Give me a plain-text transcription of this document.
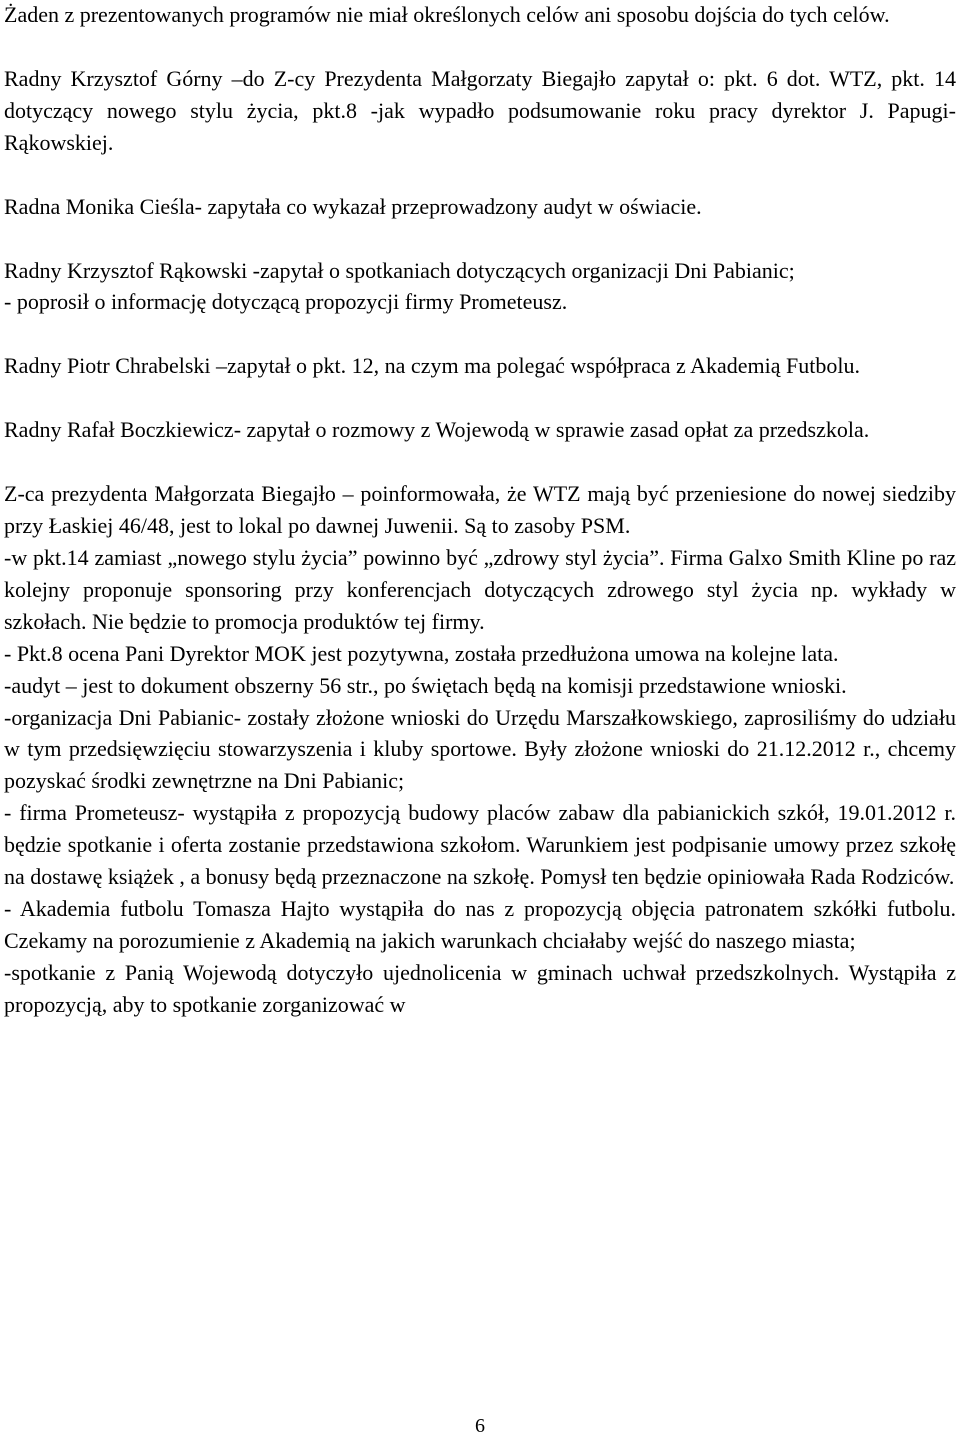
Żaden z prezentowanych programów nie miał określonych celów ani sposobu dojścia do tych celów.

Radny Krzysztof Górny –do Z-cy Prezydenta Małgorzaty Biegajło zapytał o: pkt. 6 dot. WTZ, pkt. 14 dotyczący nowego stylu życia, pkt.8 -jak wypadło podsumowanie roku pracy dyrektor J. Papugi- Rąkowskiej.

Radna Monika Cieśla- zapytała co wykazał przeprowadzony audyt w oświacie.

Radny Krzysztof Rąkowski -zapytał o spotkaniach dotyczących organizacji Dni Pabianic;

- poprosił o informację dotyczącą propozycji firmy Prometeusz.

Radny Piotr Chrabelski –zapytał o pkt. 12, na czym ma polegać współpraca z Akademią Futbolu.

Radny Rafał Boczkiewicz- zapytał o rozmowy z Wojewodą w sprawie zasad opłat za przedszkola.

Z-ca prezydenta Małgorzata Biegajło – poinformowała, że WTZ mają być przeniesione do nowej siedziby przy Łaskiej 46/48, jest to lokal po dawnej Juwenii. Są to zasoby PSM.

-w pkt.14 zamiast „nowego stylu życia” powinno być „zdrowy styl życia”. Firma Galxo Smith Kline po raz kolejny proponuje sponsoring przy konferencjach dotyczących zdrowego styl życia np. wykłady w szkołach. Nie będzie to promocja produktów tej firmy.

- Pkt.8 ocena Pani Dyrektor MOK jest pozytywna, została przedłużona umowa na kolejne lata.

-audyt – jest to dokument obszerny 56 str., po świętach będą na komisji przedstawione wnioski.

-organizacja Dni Pabianic- zostały złożone wnioski do Urzędu Marszałkowskiego, zaprosiliśmy do udziału w tym przedsięwzięciu stowarzyszenia i kluby sportowe. Były złożone wnioski do 21.12.2012 r., chcemy pozyskać środki zewnętrzne na Dni Pabianic;

- firma Prometeusz- wystąpiła z propozycją budowy placów zabaw dla pabianickich szkół, 19.01.2012 r. będzie spotkanie i oferta zostanie przedstawiona szkołom. Warunkiem jest podpisanie umowy przez szkołę na dostawę książek , a bonusy będą przeznaczone na szkołę. Pomysł ten będzie opiniowała Rada Rodziców.

- Akademia futbolu Tomasza Hajto wystąpiła do nas z propozycją objęcia patronatem szkółki futbolu. Czekamy na porozumienie z Akademią na jakich warunkach chciałaby wejść do naszego miasta;

-spotkanie z Panią Wojewodą dotyczyło ujednolicenia w gminach uchwał przedszkolnych. Wystąpiła z propozycją, aby to spotkanie zorganizować w

6
